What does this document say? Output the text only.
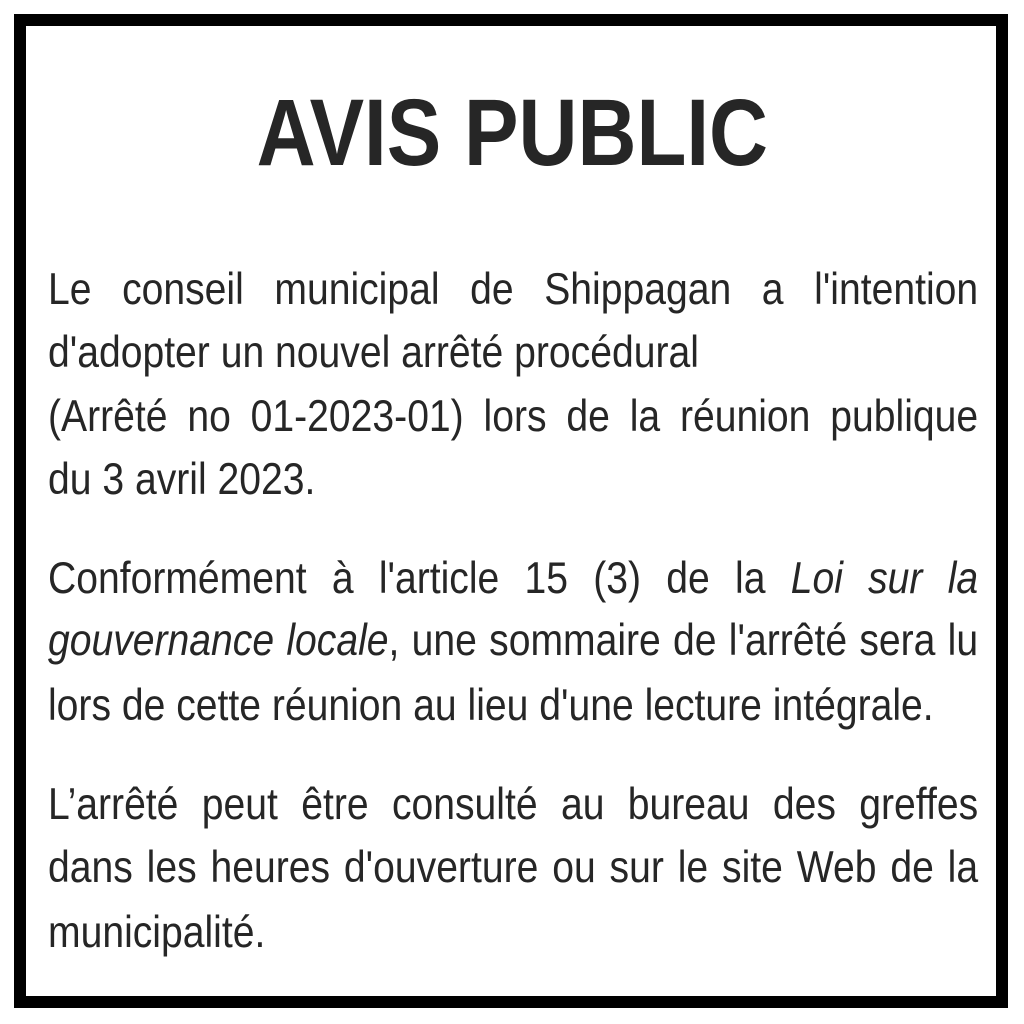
AVIS PUBLIC
Le conseil municipal de Shippagan a l'intention
d'adopter un nouvel arrêté procédural
(Arrêté no 01-2023-01) lors de la réunion publique
du 3 avril 2023.
Conformément à l'article 15 (3) de la Loi sur la
gouvernance locale, une sommaire de l'arrêté sera lu
lors de cette réunion au lieu d'une lecture intégrale.
L’arrêté peut être consulté au bureau des greffes
dans les heures d'ouverture ou sur le site Web de la
municipalité.
